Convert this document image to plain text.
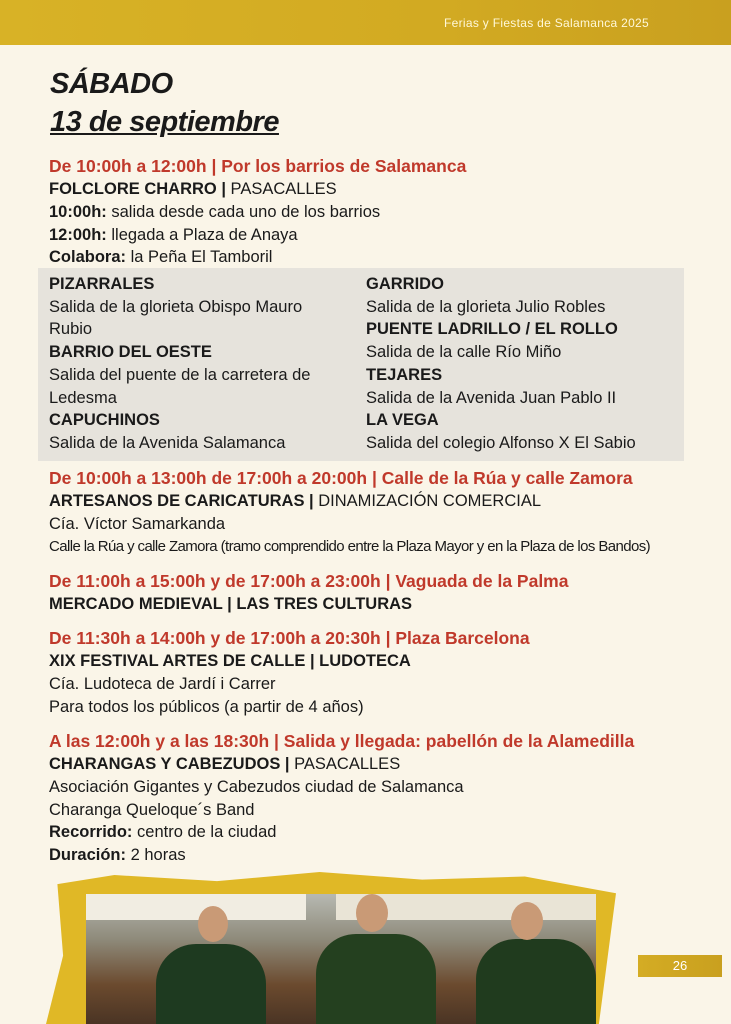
Ferias y Fiestas de Salamanca 2025
SÁBADO
13 de septiembre
De 10:00h a 12:00h | Por los barrios de Salamanca
FOLCLORE CHARRO | PASACALLES
10:00h: salida desde cada uno de los barrios
12:00h: llegada a Plaza de Anaya
Colabora: la Peña El Tamboril
PIZARRALES
Salida de la glorieta Obispo Mauro Rubio
BARRIO DEL OESTE
Salida del puente de la carretera de Ledesma
CAPUCHINOS
Salida de la Avenida Salamanca
GARRIDO
Salida de la glorieta Julio Robles
PUENTE LADRILLO / EL ROLLO
Salida de la calle Río Miño
TEJARES
Salida de la Avenida Juan Pablo II
LA VEGA
Salida del colegio Alfonso X El Sabio
De 10:00h a 13:00h de 17:00h a 20:00h | Calle de la Rúa y calle Zamora
ARTESANOS DE CARICATURAS | DINAMIZACIÓN COMERCIAL
Cía. Víctor Samarkanda
Calle la Rúa y calle Zamora (tramo comprendido entre la Plaza Mayor y en la Plaza de los Bandos)
De 11:00h a 15:00h y de 17:00h a 23:00h | Vaguada de la Palma
MERCADO MEDIEVAL | LAS TRES CULTURAS
De 11:30h a 14:00h y de 17:00h a 20:30h | Plaza Barcelona
XIX FESTIVAL ARTES DE CALLE | LUDOTECA
Cía. Ludoteca de Jardí i Carrer
Para todos los públicos (a partir de 4 años)
A las 12:00h y a las 18:30h | Salida y llegada: pabellón de la Alamedilla
CHARANGAS Y CABEZUDOS | PASACALLES
Asociación Gigantes y Cabezudos ciudad de Salamanca
Charanga Queloque´s Band
Recorrido: centro de la ciudad
Duración: 2 horas
26
